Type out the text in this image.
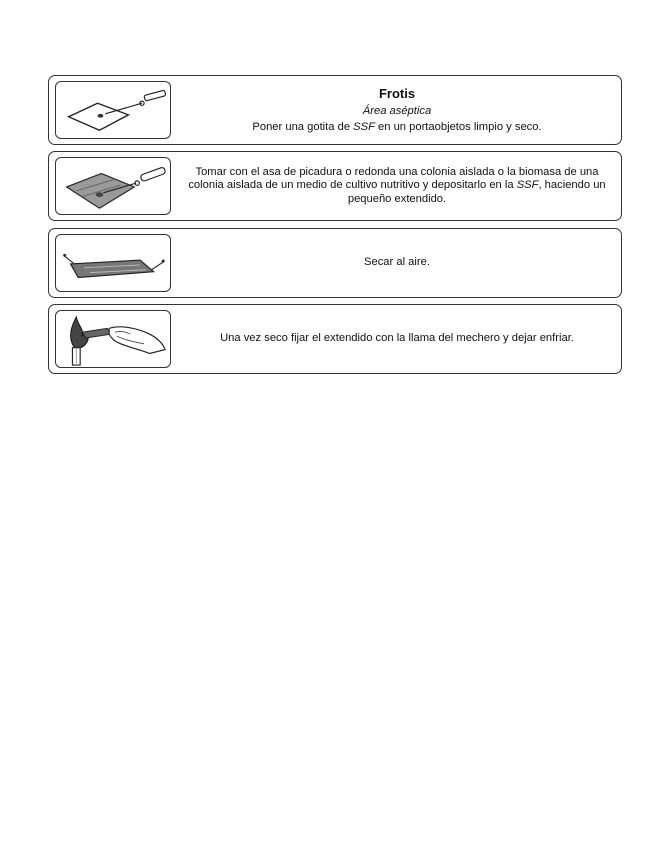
Frotis
Área aséptica
Poner una gotita de SSF en un portaobjetos limpio y seco.
Tomar con el asa de picadura o redonda una colonia aislada o la biomasa de una colonia aislada de un medio de cultivo nutritivo y depositarlo en la SSF, haciendo un pequeño extendido.
Secar al aire.
Una vez seco fijar el extendido con la llama del mechero y dejar enfriar.
